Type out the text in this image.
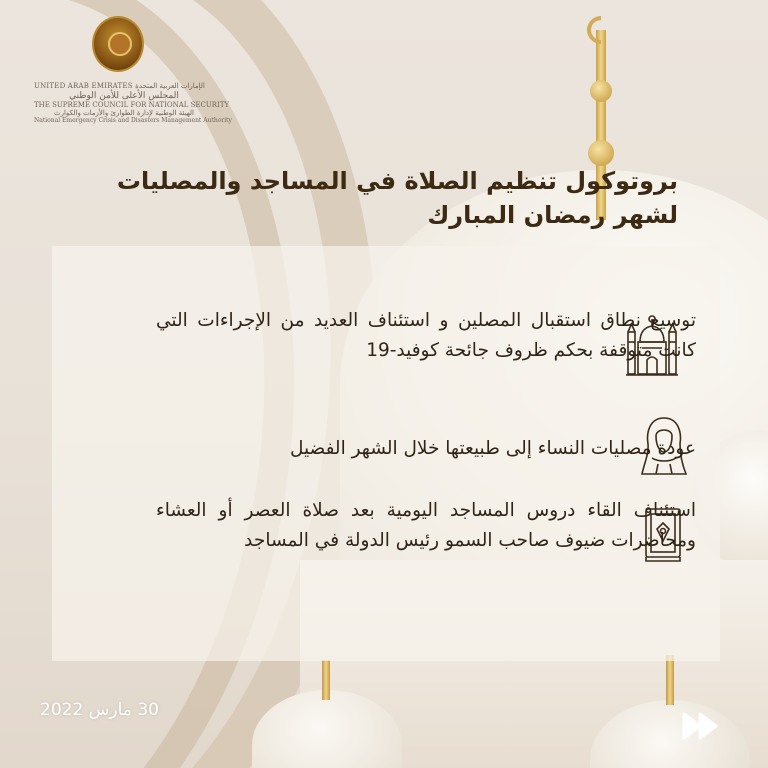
UNITED ARAB EMIRATES الإمارات العربية المتحدة
المجلس الأعلى للأمن الوطني
THE SUPREME COUNCIL FOR NATIONAL SECURITY
الهيئة الوطنية لإدارة الطوارئ والأزمات والكوارث
National Emergency Crisis and Disasters Management Authority
بروتوكول تنظيم الصلاة في المساجد والمصليات
لشهر رمضان المبارك
توسيع نطاق استقبال المصلين و استئناف العديد من الإجراءات التي كانت متوقفة بحكم ظروف جائحة كوفيد-19
عودة مصليات النساء إلى طبيعتها خلال الشهر الفضيل
استئناف القاء دروس المساجد اليومية بعد صلاة العصر أو العشاء ومحاضرات ضيوف صاحب السمو رئيس الدولة في المساجد
30 مارس 2022
